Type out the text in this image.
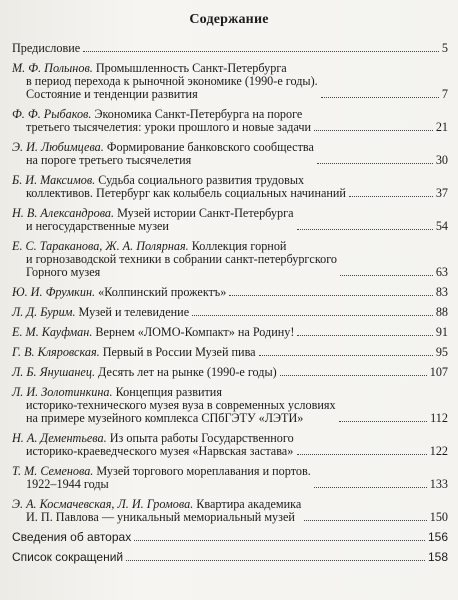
Содержание
Предисловие	5
М. Ф. Полынов. Промышленность Санкт-Петербурга
в период перехода к рыночной экономике (1990-е годы).
Состояние и тенденции развития	7
Ф. Ф. Рыбаков. Экономика Санкт-Петербурга на пороге
третьего тысячелетия: уроки прошлого и новые задачи	21
Э. И. Любимцева. Формирование банковского сообщества
на пороге третьего тысячелетия	30
Б. И. Максимов. Судьба социального развития трудовых
коллективов. Петербург как колыбель социальных начинаний	37
Н. В. Александрова. Музей истории Санкт-Петербурга
и негосударственные музеи	54
Е. С. Тараканова, Ж. А. Полярная. Коллекция горной
и горнозаводской техники в собрании санкт-петербургского
Горного музея	63
Ю. И. Фрумкин. «Колпинский прожектъ»	83
Л. Д. Бурим. Музей и телевидение	88
Е. М. Кауфман. Вернем «ЛОМО-Компакт» на Родину!	91
Г. В. Кляровская. Первый в России Музей пива	95
Л. Б. Янушанец. Десять лет на рынке (1990-е годы)	107
Л. И. Золотинкина. Концепция развития
историко-технического музея вуза в современных условиях
на примере музейного комплекса СПбГЭТУ «ЛЭТИ»	112
Н. А. Дементьева. Из опыта работы Государственного
историко-краеведческого музея «Нарвская застава»	122
Т. М. Семенова. Музей торгового мореплавания и портов.
1922–1944 годы	133
Э. А. Космачевская, Л. И. Громова. Квартира академика
И. П. Павлова — уникальный мемориальный музей	150
Сведения об авторах	156
Список сокращений	158
